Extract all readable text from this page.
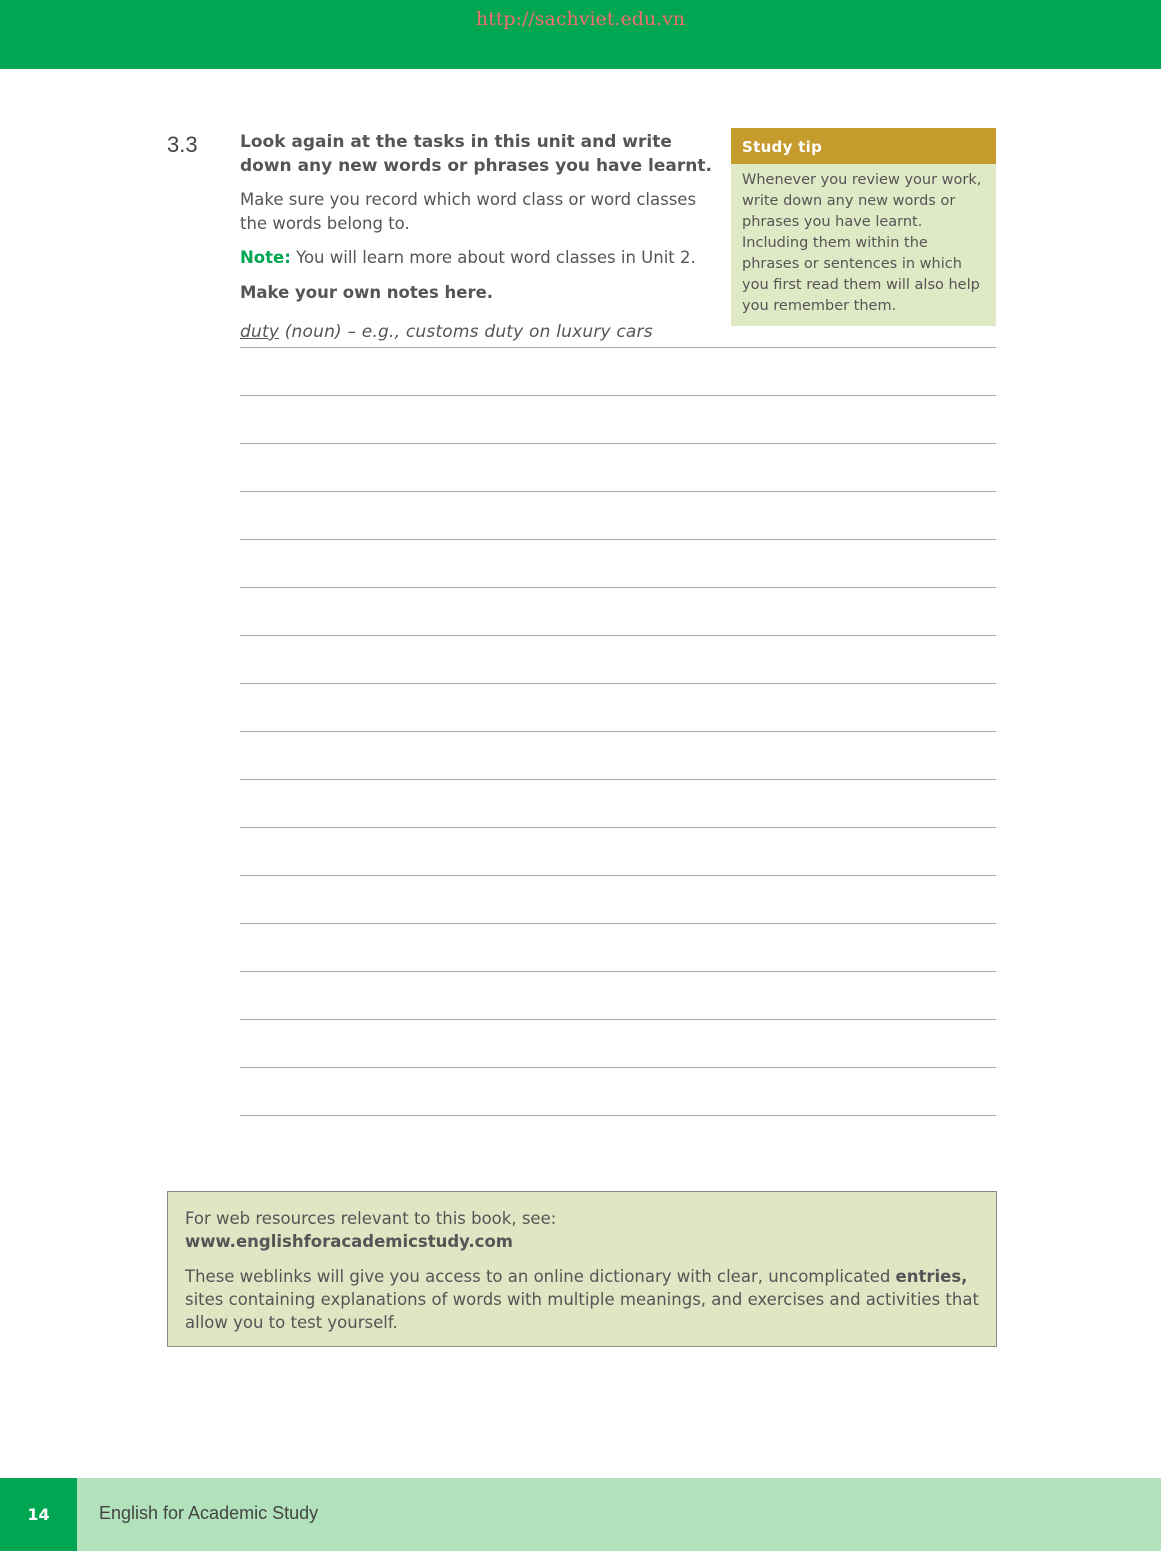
http://sachviet.edu.vn
3.3 Look again at the tasks in this unit and write down any new words or phrases you have learnt.
Make sure you record which word class or word classes the words belong to.
Note: You will learn more about word classes in Unit 2.
Make your own notes here.
Study tip
Whenever you review your work, write down any new words or phrases you have learnt. Including them within the phrases or sentences in which you first read them will also help you remember them.
duty (noun) – e.g., customs duty on luxury cars
For web resources relevant to this book, see:
www.englishforacademicstudy.com
These weblinks will give you access to an online dictionary with clear, uncomplicated entries, sites containing explanations of words with multiple meanings, and exercises and activities that allow you to test yourself.
14	English for Academic Study
